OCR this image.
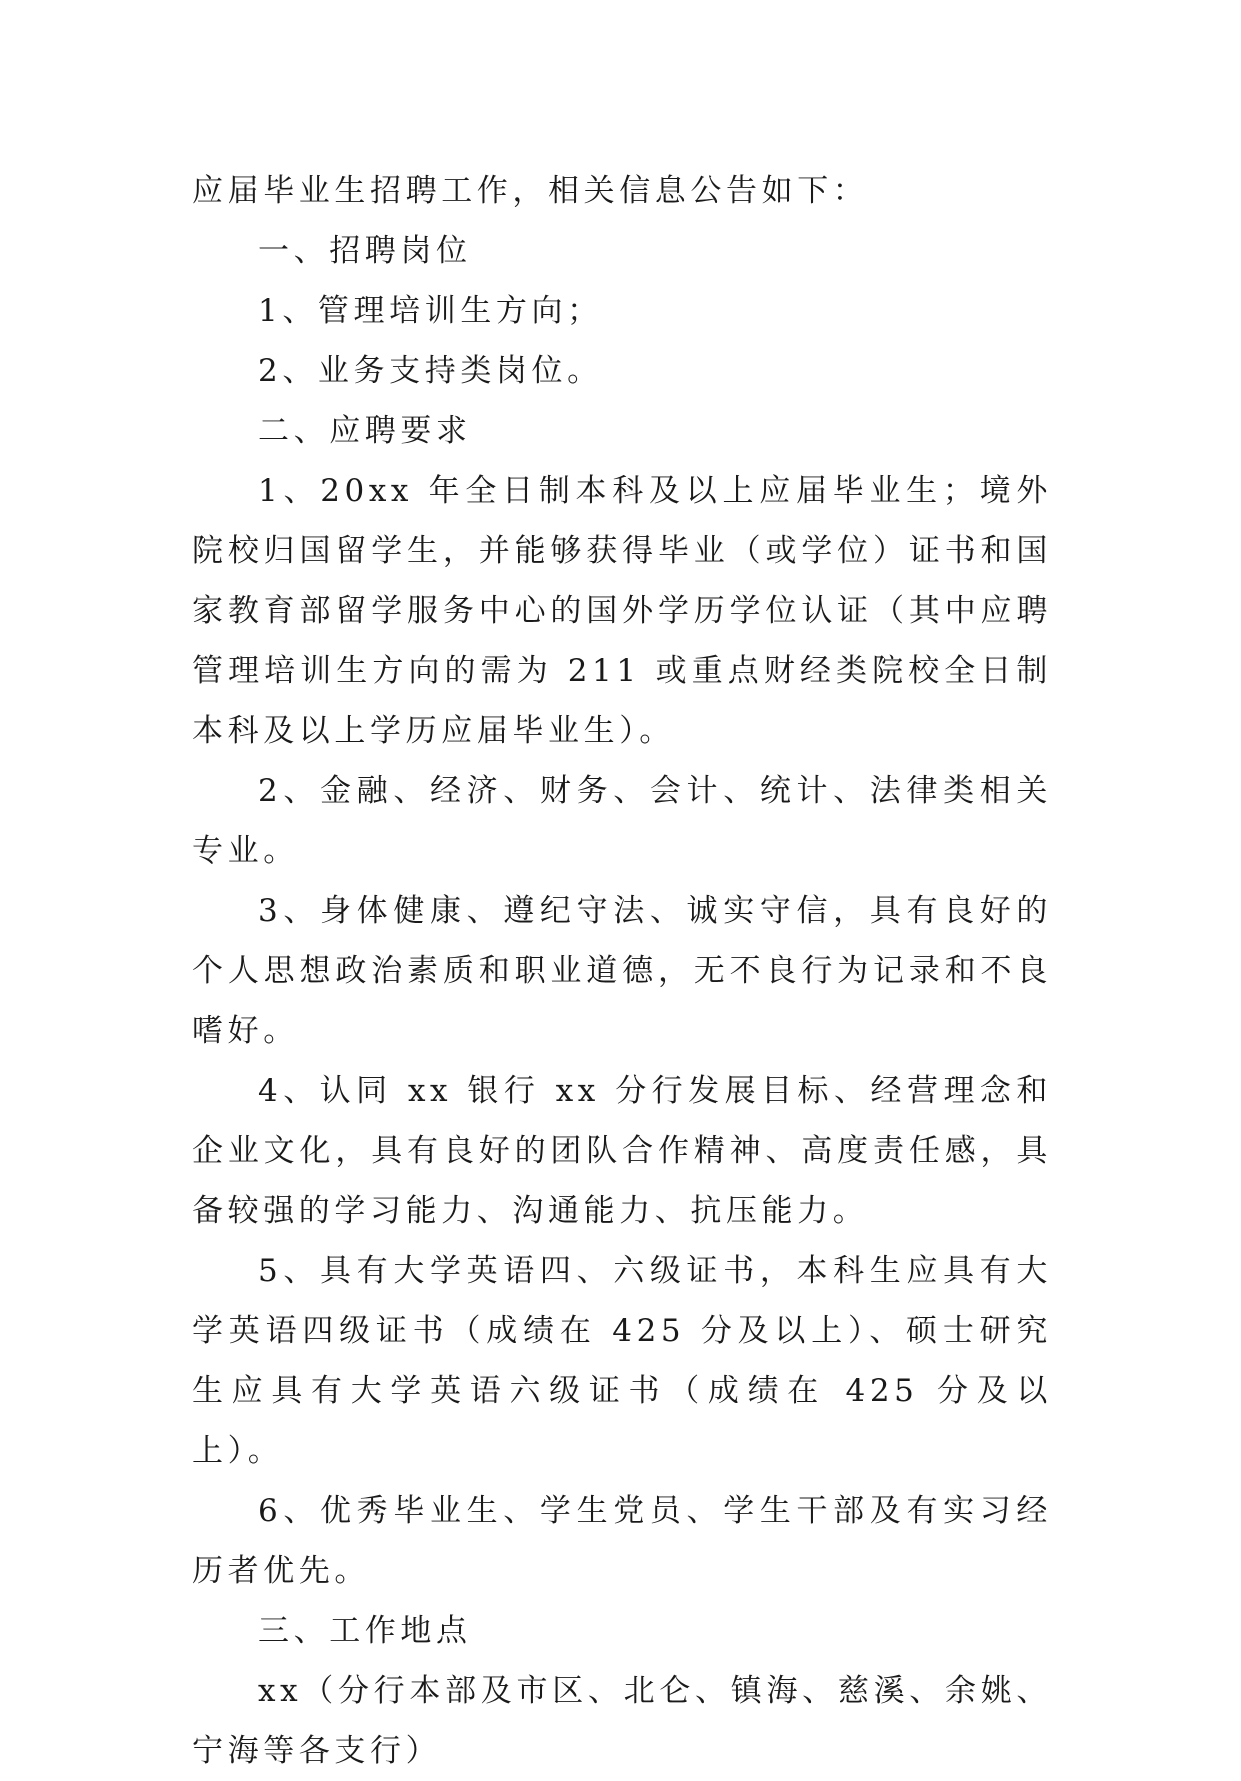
应届毕业生招聘工作，相关信息公告如下：

一、招聘岗位

1、管理培训生方向；

2、业务支持类岗位。

二、应聘要求

1、20xx 年全日制本科及以上应届毕业生；境外院校归国留学生，并能够获得毕业（或学位）证书和国家教育部留学服务中心的国外学历学位认证（其中应聘管理培训生方向的需为 211 或重点财经类院校全日制本科及以上学历应届毕业生）。

2、金融、经济、财务、会计、统计、法律类相关专业。

3、身体健康、遵纪守法、诚实守信，具有良好的个人思想政治素质和职业道德，无不良行为记录和不良嗜好。

4、认同 xx 银行 xx 分行发展目标、经营理念和企业文化，具有良好的团队合作精神、高度责任感，具备较强的学习能力、沟通能力、抗压能力。

5、具有大学英语四、六级证书，本科生应具有大学英语四级证书（成绩在 425 分及以上）、硕士研究生应具有大学英语六级证书（成绩在 425 分及以上）。

6、优秀毕业生、学生党员、学生干部及有实习经历者优先。

三、工作地点

xx（分行本部及市区、北仑、镇海、慈溪、余姚、宁海等各支行）
